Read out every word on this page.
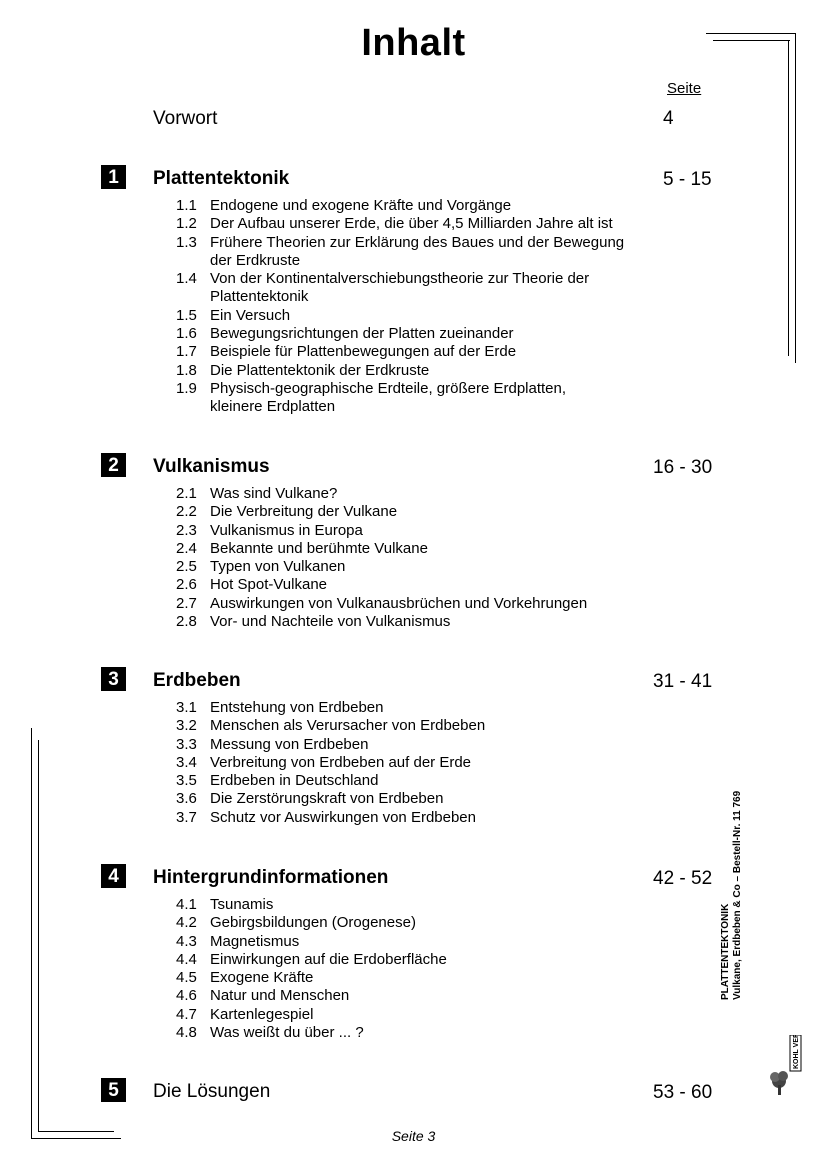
Inhalt
Seite
Vorwort	4
1	Plattentektonik	5 - 15
1.1 Endogene und exogene Kräfte und Vorgänge
1.2 Der Aufbau unserer Erde, die über 4,5 Milliarden Jahre alt ist
1.3 Frühere Theorien zur Erklärung des Baues und der Bewegung der Erdkruste
1.4 Von der Kontinentalverschiebungstheorie zur Theorie der Plattentektonik
1.5 Ein Versuch
1.6 Bewegungsrichtungen der Platten zueinander
1.7 Beispiele für Plattenbewegungen auf der Erde
1.8 Die Plattentektonik der Erdkruste
1.9 Physisch-geographische Erdteile, größere Erdplatten, kleinere Erdplatten
2	Vulkanismus	16 - 30
2.1 Was sind Vulkane?
2.2 Die Verbreitung der Vulkane
2.3 Vulkanismus in Europa
2.4 Bekannte und berühmte Vulkane
2.5 Typen von Vulkanen
2.6 Hot Spot-Vulkane
2.7 Auswirkungen von Vulkanausbrüchen und Vorkehrungen
2.8 Vor- und Nachteile von Vulkanismus
3	Erdbeben	31 - 41
3.1 Entstehung von Erdbeben
3.2 Menschen als Verursacher von Erdbeben
3.3 Messung von Erdbeben
3.4 Verbreitung von Erdbeben auf der Erde
3.5 Erdbeben in Deutschland
3.6 Die Zerstörungskraft von Erdbeben
3.7 Schutz vor Auswirkungen von Erdbeben
4	Hintergrundinformationen	42 - 52
4.1 Tsunamis
4.2 Gebirgsbildungen (Orogenese)
4.3 Magnetismus
4.4 Einwirkungen auf die Erdoberfläche
4.5 Exogene Kräfte
4.6 Natur und Menschen
4.7 Kartenlegespiel
4.8 Was weißt du über ... ?
5	Die Lösungen	53 - 60
PLATTENTEKTONIK Vulkane, Erdbeben & Co – Bestell-Nr. 11 769
KOHL VERLAG
Seite 3
